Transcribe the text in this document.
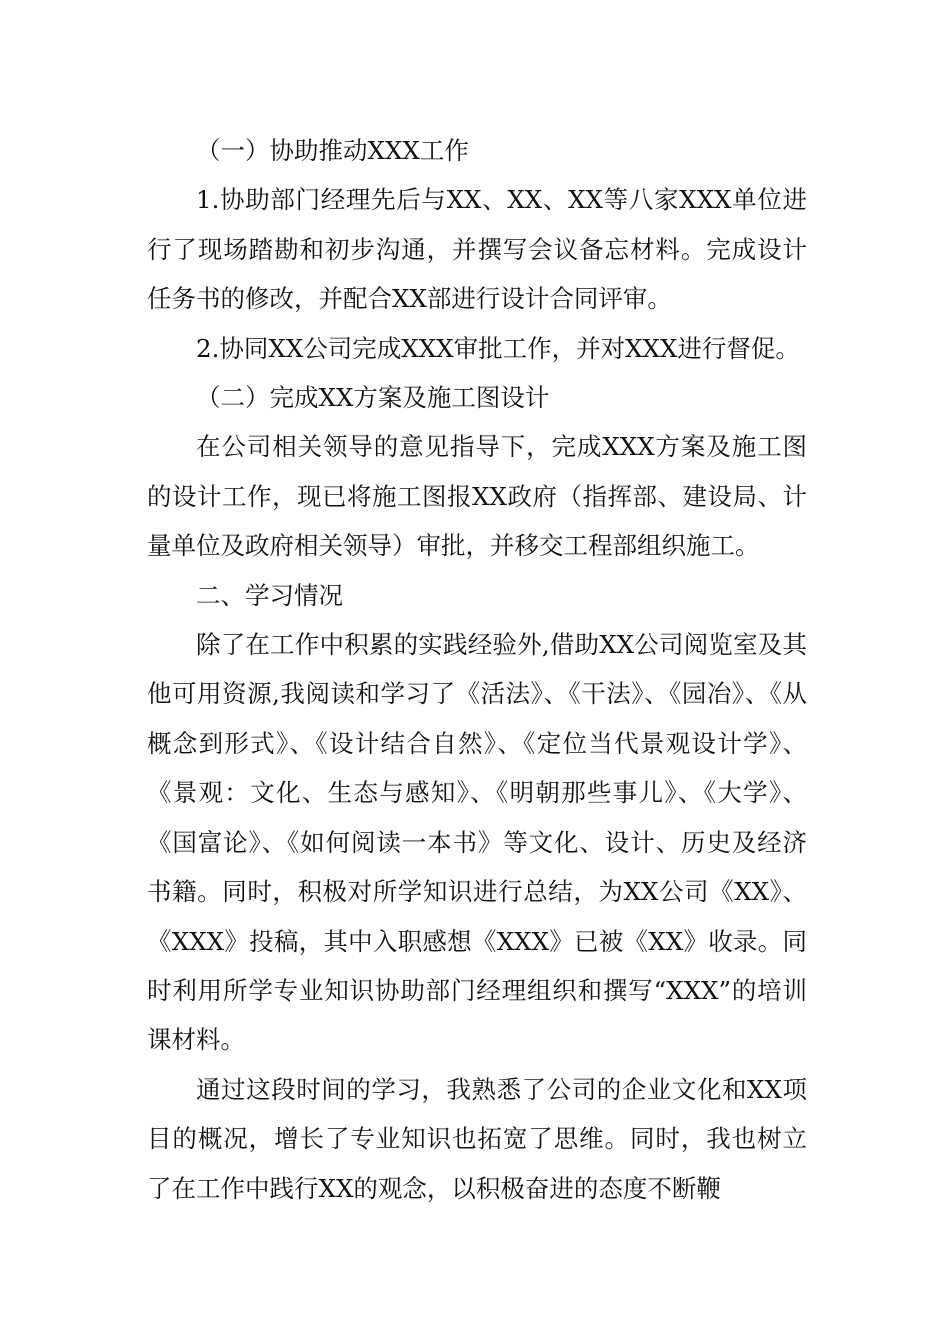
（一）协助推动XXX工作

1.协助部门经理先后与XX、XX、XX等八家XXX单位进行了现场踏勘和初步沟通，并撰写会议备忘材料。完成设计任务书的修改，并配合XX部进行设计合同评审。

2.协同XX公司完成XXX审批工作，并对XXX进行督促。

（二）完成XX方案及施工图设计

在公司相关领导的意见指导下，完成XXX方案及施工图的设计工作，现已将施工图报XX政府（指挥部、建设局、计量单位及政府相关领导）审批，并移交工程部组织施工。

二、学习情况

除了在工作中积累的实践经验外,借助XX公司阅览室及其他可用资源,我阅读和学习了《活法》、《干法》、《园冶》、《从概念到形式》、《设计结合自然》、《定位当代景观设计学》、《景观：文化、生态与感知》、《明朝那些事儿》、《大学》、《国富论》、《如何阅读一本书》等文化、设计、历史及经济书籍。同时，积极对所学知识进行总结，为XX公司《XX》、《XXX》投稿，其中入职感想《XXX》已被《XX》收录。同时利用所学专业知识协助部门经理组织和撰写“XXX”的培训课材料。

通过这段时间的学习，我熟悉了公司的企业文化和XX项目的概况，增长了专业知识也拓宽了思维。同时，我也树立了在工作中践行XX的观念，以积极奋进的态度不断鞭
